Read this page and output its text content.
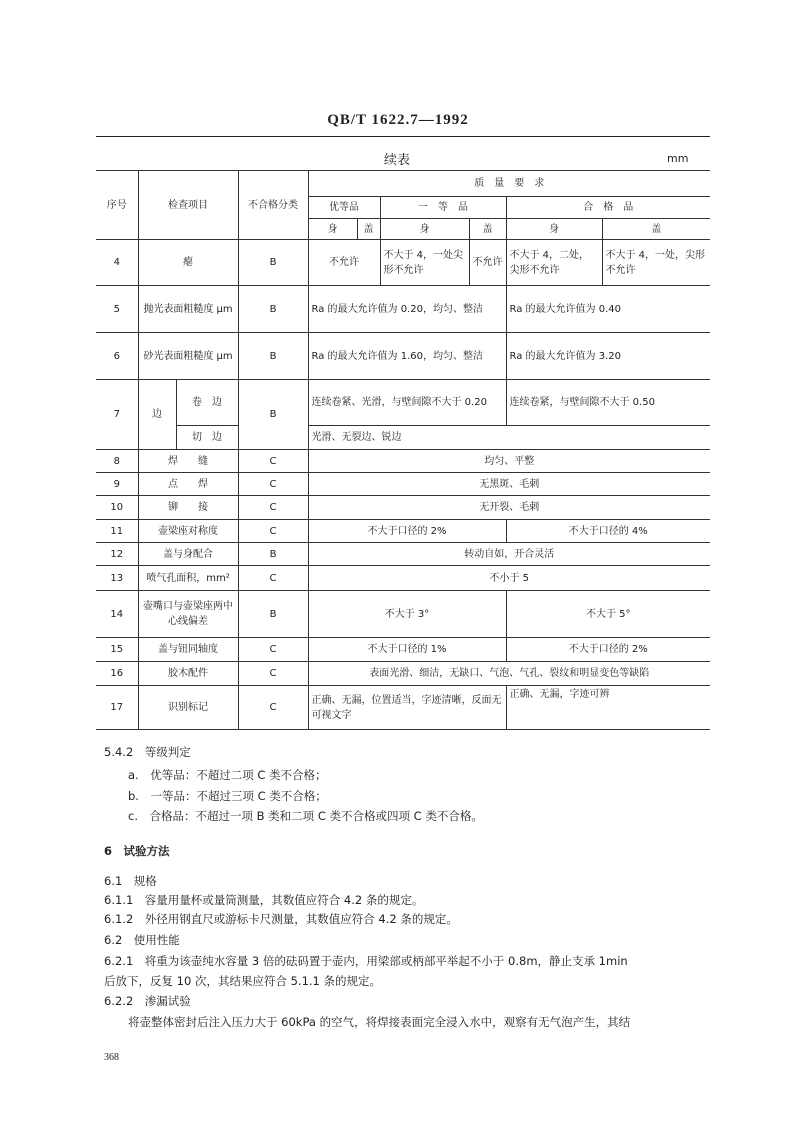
QB/T 1622.7—1992
续表	mm
序号	检查项目		不合格分类	质　量　要　求					
				优等品		一　等　品		合　格　品	
				身	盖	身	盖	身	盖
4	瘪		B	不允许		不大于 4，一处尖形不允许	不允许	不大于 4，二处，尖形不允许	不大于 4，一处，尖形不允许
5	抛光表面粗糙度 μm		B	Ra 的最大允许值为 0.20，均匀、整洁				Ra 的最大允许值为 0.40	
6	砂光表面粗糙度 μm		B	Ra 的最大允许值为 1.60，均匀、整洁				Ra 的最大允许值为 3.20	
7	边	卷　边	B	连续卷紧、光滑，与壁间隙不大于 0.20				连续卷紧，与壁间隙不大于 0.50	
		切　边		光滑、无裂边、锐边					
8	焊　　缝		C	均匀、平整					
9	点　　焊		C	无黑斑、毛刺					
10	铆　　接		C	无开裂、毛刺					
11	壶梁座对称度		C	不大于口径的 2%				不大于口径的 4%	
12	盖与身配合		B	转动自如，开合灵活					
13	喷气孔面积，mm²		C	不小于 5					
14	壶嘴口与壶梁座两中心线偏差		B	不大于 3°				不大于 5°	
15	盖与钮同轴度		C	不大于口径的 1%				不大于口径的 2%	
16	胶木配件		C	表面光滑、细洁，无缺口、气泡、气孔、裂纹和明显变色等缺陷					
17	识别标记		C	正确、无漏，位置适当，字迹清晰，反面无可视文字				正确、无漏，字迹可辨	
5.4.2　等级判定
a.　优等品：不超过二项 C 类不合格；
b.　一等品：不超过三项 C 类不合格；
c.　合格品：不超过一项 B 类和二项 C 类不合格或四项 C 类不合格。
6　试验方法
6.1　规格
6.1.1　容量用量杯或量筒测量，其数值应符合 4.2 条的规定。
6.1.2　外径用钢直尺或游标卡尺测量，其数值应符合 4.2 条的规定。
6.2　使用性能
6.2.1　将重为该壶纯水容量 3 倍的砝码置于壶内，用梁部或柄部平举起不小于 0.8m，静止支承 1min
后放下，反复 10 次，其结果应符合 5.1.1 条的规定。
6.2.2　渗漏试验
将壶整体密封后注入压力大于 60kPa 的空气，将焊接表面完全浸入水中，观察有无气泡产生，其结
368
